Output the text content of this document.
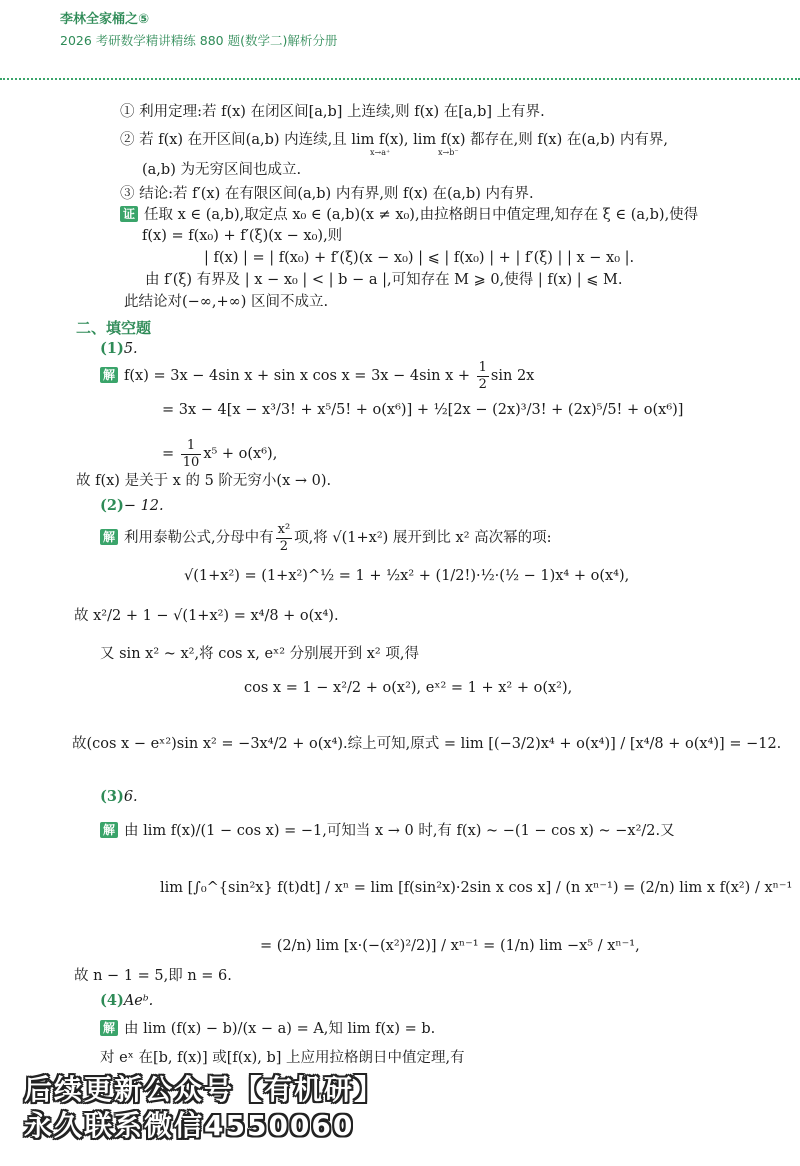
李林全家桶之⑤
2026 考研数学精讲精练 880 题(数学二)解析分册
① 利用定理:若 f(x) 在闭区间[a,b] 上连续,则 f(x) 在[a,b] 上有界.
② 若 f(x) 在开区间(a,b) 内连续,且 lim f(x), lim f(x) 都存在,则 f(x) 在(a,b) 内有界,
x→a⁺	x→b⁻
(a,b) 为无穷区间也成立.
③ 结论:若 f′(x) 在有限区间(a,b) 内有界,则 f(x) 在(a,b) 内有界.
证 任取 x ∈ (a,b),取定点 x₀ ∈ (a,b)(x ≠ x₀),由拉格朗日中值定理,知存在 ξ ∈ (a,b),使得
f(x) = f(x₀) + f′(ξ)(x − x₀),则
| f(x) | = | f(x₀) + f′(ξ)(x − x₀) | ⩽ | f(x₀) | + | f′(ξ) | | x − x₀ |.
由 f′(ξ) 有界及 | x − x₀ | < | b − a |,可知存在 M ⩾ 0,使得 | f(x) | ⩽ M.
此结论对(−∞,+∞) 区间不成立.
二、填空题
(1)5.
解 f(x) = 3x − 4sin x + sin x cos x = 3x − 4sin $x + \frac{1}{2}$ sin 2x
= 3x − 4[x − x³/3! + x⁵/5! + o(x⁶)] + ½[2x − (2x)³/3! + (2x)⁵/5! + o(x⁶)]
= $\frac{1}{10} x^5 + o(x^6)$,
故 f(x) 是关于 x 的 5 阶无穷小(x → 0).
(2)− 12.
解 利用泰勒公式,分母中有 $\frac{\text{x²}}{2}$ 项,将 √(1+x²) 展开到比 x² 高次幂的项:
√(1+x²) = (1+x²)^½ = 1 + ½x² + (1/2!)·½·(½ − 1)x⁴ + o(x⁴),
故 x²/2 + 1 − √(1+x²) = x⁴/8 + o(x⁴).
又 sin x² ~ x²,将 cos x, eˣ² 分别展开到 x² 项,得
cos x = 1 − x²/2 + o(x²), eˣ² = 1 + x² + o(x²),
故(cos x − eˣ²)sin x² = −3x⁴/2 + o(x⁴).综上可知,原式 = lim [(−3/2)x⁴ + o(x⁴)] / [x⁴/8 + o(x⁴)] = −12.
(3)6.
解 由 lim f(x)/(1 − cos x) = −1,可知当 x → 0 时,有 f(x) ~ −(1 − cos x) ~ −x²/2.又
lim [∫₀^{sin²x} f(t)dt] / xⁿ = lim [f(sin²x)·2sin x cos x] / (n xⁿ⁻¹) = (2/n) lim x f(x²) / xⁿ⁻¹
= (2/n) lim [x·(−(x²)²/2)] / xⁿ⁻¹ = (1/n) lim −x⁵ / xⁿ⁻¹,
故 n − 1 = 5,即 n = 6.
(4)Aeᵇ.
解 由 lim (f(x) − b)/(x − a) = A,知 lim f(x) = b.
对 eˣ 在[b, f(x)] 或[f(x), b] 上应用拉格朗日中值定理,有
后续更新公众号【有机研】
永久联系微信4550060
